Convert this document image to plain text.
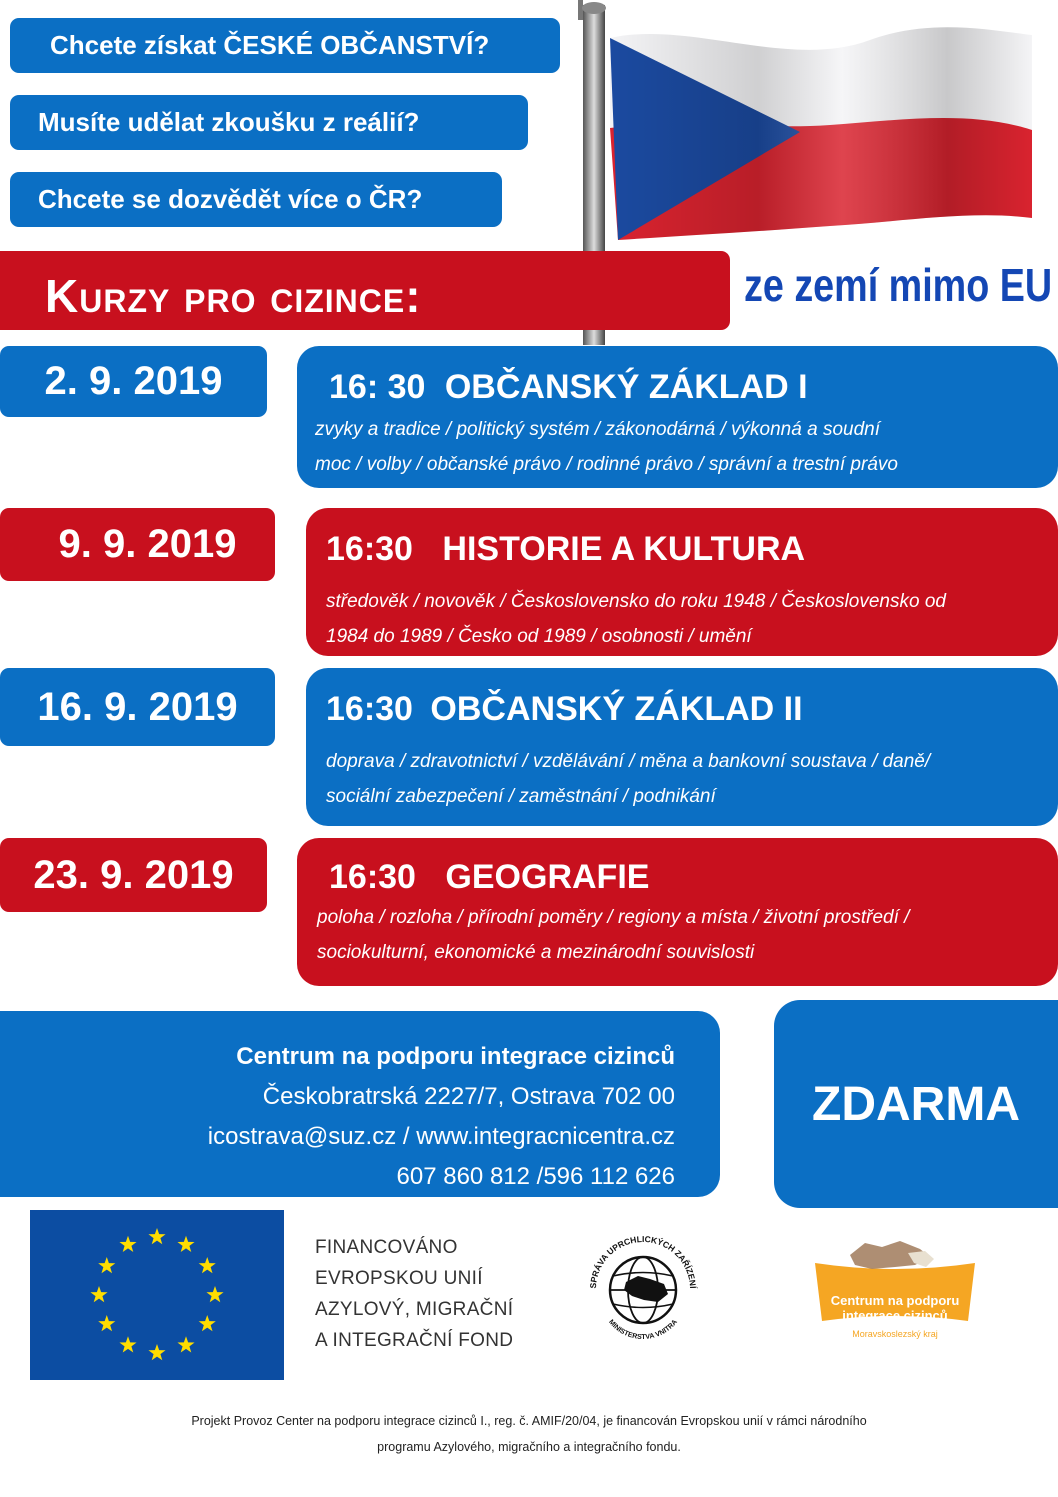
Chcete získat ČESKÉ OBČANSTVÍ?
Musíte udělat zkoušku z reálií?
Chcete se dozvědět více o ČR?
Kurzy pro cizince:	ze zemí mimo EU
2. 9. 2019	16: 30 OBČANSKÝ ZÁKLAD I
zvyky a tradice / politický systém / zákonodárná / výkonná a soudní
moc / volby / občanské právo / rodinné právo / správní a trestní právo
9. 9. 2019	16:30 HISTORIE A KULTURA
středověk / novověk / Československo do roku 1948 / Československo od
1984 do 1989 / Česko od 1989 / osobnosti / umění
16. 9. 2019	16:30 OBČANSKÝ ZÁKLAD II
doprava / zdravotnictví / vzdělávání / měna a bankovní soustava / daně/
sociální zabezpečení / zaměstnání / podnikání
23. 9. 2019	16:30 GEOGRAFIE
poloha / rozloha / přírodní poměry / regiony a místa / životní prostředí /
sociokulturní, ekonomické a mezinárodní souvislosti
Centrum na podporu integrace cizinců
Českobratrská 2227/7, Ostrava 702 00
icostrava@suz.cz / www.integracnicentra.cz
607 860 812 /596 112 626
ZDARMA
FINANCOVÁNO
EVROPSKOU UNIÍ
AZYLOVÝ, MIGRAČNÍ
A INTEGRAČNÍ FOND
SPRÁVA UPRCHLICKÝCH ZAŘÍZENÍ
MINISTERSTVA VNITRA
Centrum na podporu
integrace cizinců
Moravskoslezský kraj
Projekt Provoz Center na podporu integrace cizinců I., reg. č. AMIF/20/04, je financován Evropskou unií v rámci národního
programu Azylového, migračního a integračního fondu.
